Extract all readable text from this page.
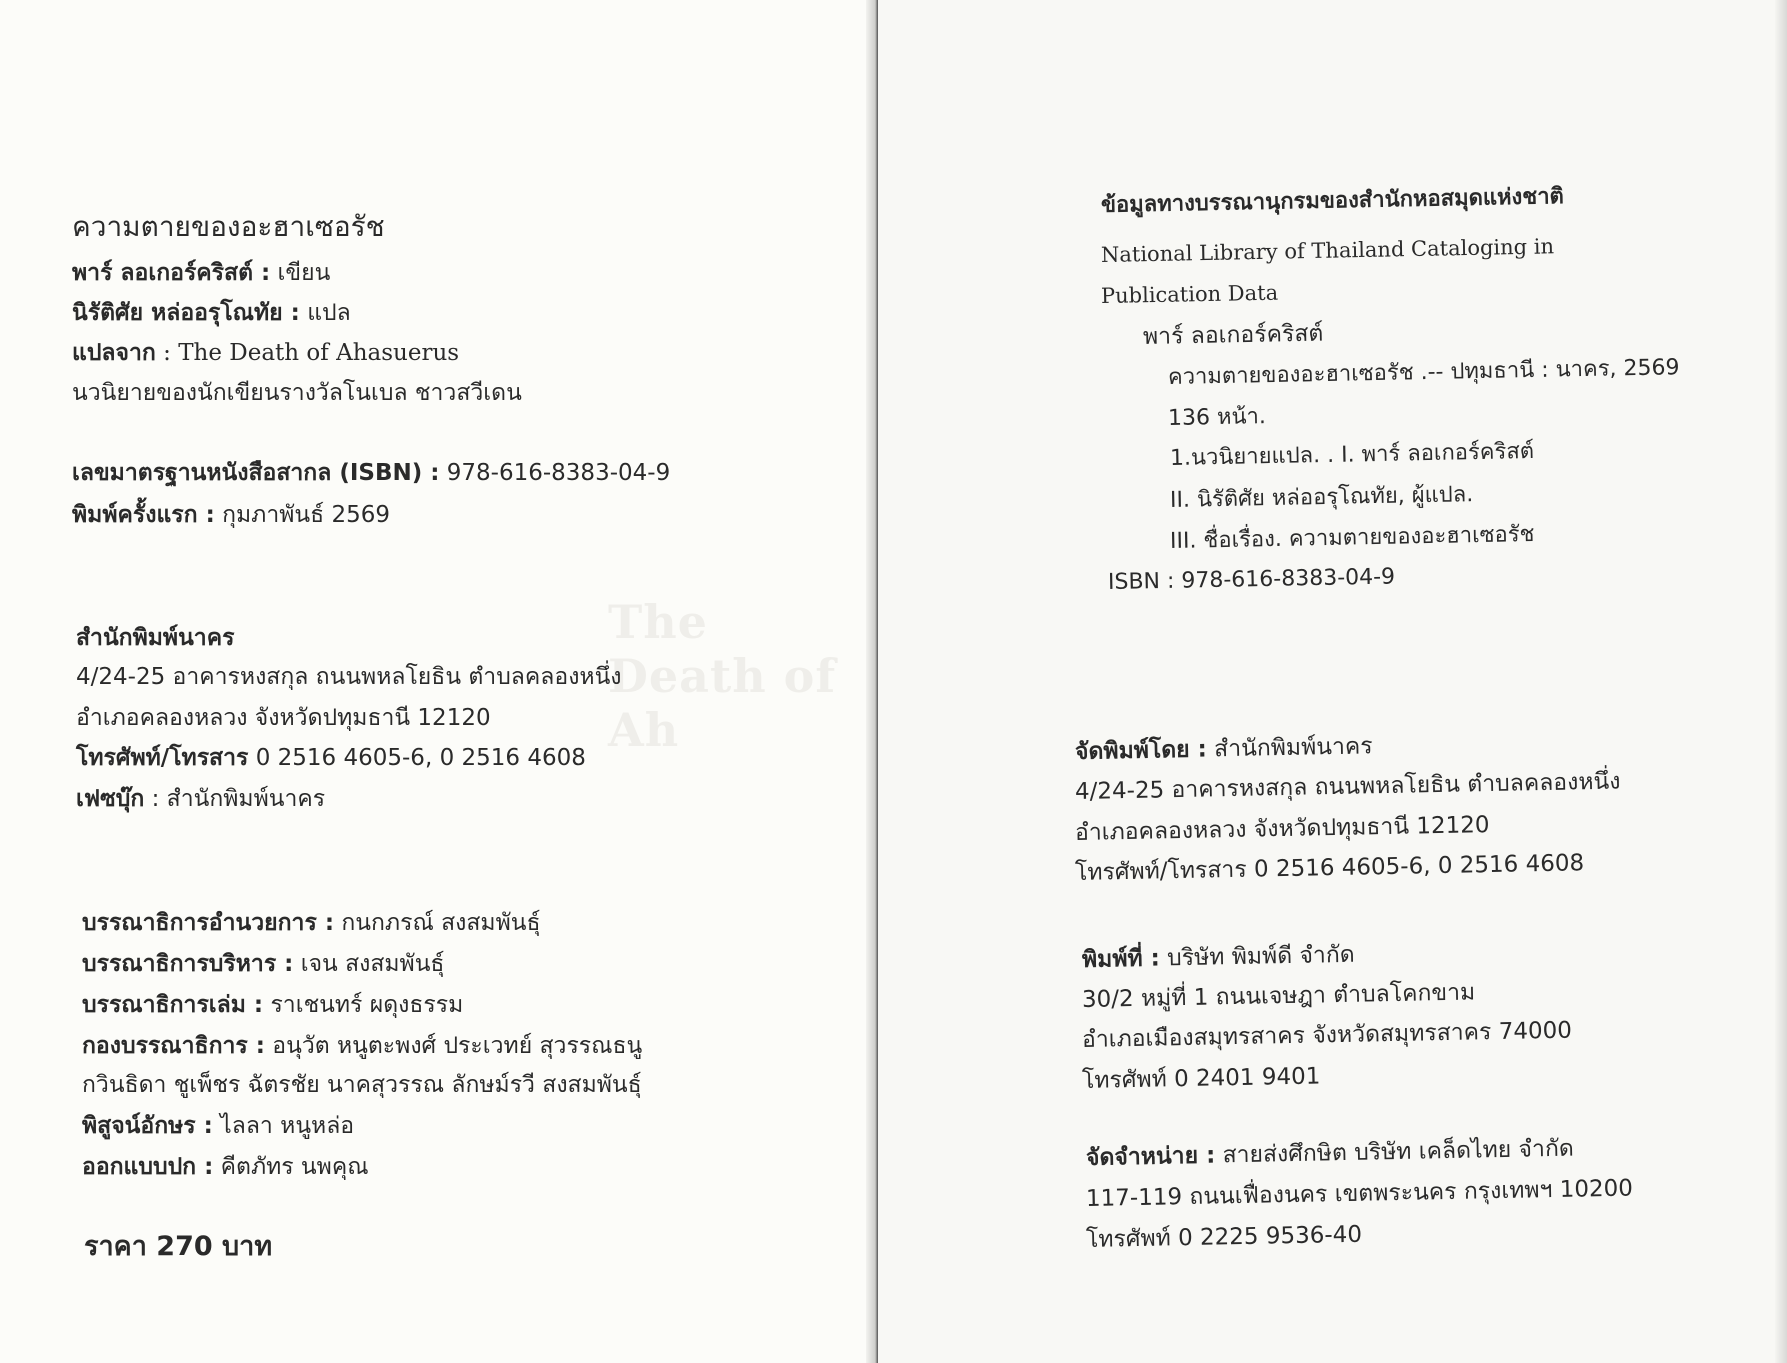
The Death of Ah
ความตายของอะฮาเซอรัช
พาร์ ลอเกอร์คริสต์ : เขียน
นิรัติศัย หล่ออรุโณทัย : แปล
แปลจาก : The Death of Ahasuerus
นวนิยายของนักเขียนรางวัลโนเบล ชาวสวีเดน
เลขมาตรฐานหนังสือสากล (ISBN) : 978-616-8383-04-9
พิมพ์ครั้งแรก : กุมภาพันธ์ 2569
สำนักพิมพ์นาคร
4/24-25 อาคารหงสกุล ถนนพหลโยธิน ตำบลคลองหนึ่ง
อำเภอคลองหลวง จังหวัดปทุมธานี 12120
โทรศัพท์/โทรสาร 0 2516 4605-6, 0 2516 4608
เฟซบุ๊ก : สำนักพิมพ์นาคร
บรรณาธิการอำนวยการ : กนกภรณ์ สงสมพันธุ์
บรรณาธิการบริหาร : เจน สงสมพันธุ์
บรรณาธิการเล่ม : ราเชนทร์ ผดุงธรรม
กองบรรณาธิการ : อนุวัต หนูตะพงศ์ ประเวทย์ สุวรรณธนู
กวินธิดา ชูเพ็ชร ฉัตรชัย นาคสุวรรณ ลักษม์รวี สงสมพันธุ์
พิสูจน์อักษร : ไลลา หนูหล่อ
ออกแบบปก : คีตภัทร นพคุณ
ราคา 270 บาท
ข้อมูลทางบรรณานุกรมของสำนักหอสมุดแห่งชาติ
National Library of Thailand Cataloging in
Publication Data
พาร์ ลอเกอร์คริสต์
ความตายของอะฮาเซอรัช .-- ปทุมธานี : นาคร, 2569
136 หน้า.
1.นวนิยายแปล. . I. พาร์ ลอเกอร์คริสต์
II. นิรัติศัย หล่ออรุโณทัย, ผู้แปล.
III. ชื่อเรื่อง. ความตายของอะฮาเซอรัช
ISBN : 978-616-8383-04-9
จัดพิมพ์โดย : สำนักพิมพ์นาคร
4/24-25 อาคารหงสกุล ถนนพหลโยธิน ตำบลคลองหนึ่ง
อำเภอคลองหลวง จังหวัดปทุมธานี 12120
โทรศัพท์/โทรสาร 0 2516 4605-6, 0 2516 4608
พิมพ์ที่ : บริษัท พิมพ์ดี จำกัด
30/2 หมู่ที่ 1 ถนนเจษฎา ตำบลโคกขาม
อำเภอเมืองสมุทรสาคร จังหวัดสมุทรสาคร 74000
โทรศัพท์ 0 2401 9401
จัดจำหน่าย : สายส่งศึกษิต บริษัท เคล็ดไทย จำกัด
117-119 ถนนเฟื่องนคร เขตพระนคร กรุงเทพฯ 10200
โทรศัพท์ 0 2225 9536-40
